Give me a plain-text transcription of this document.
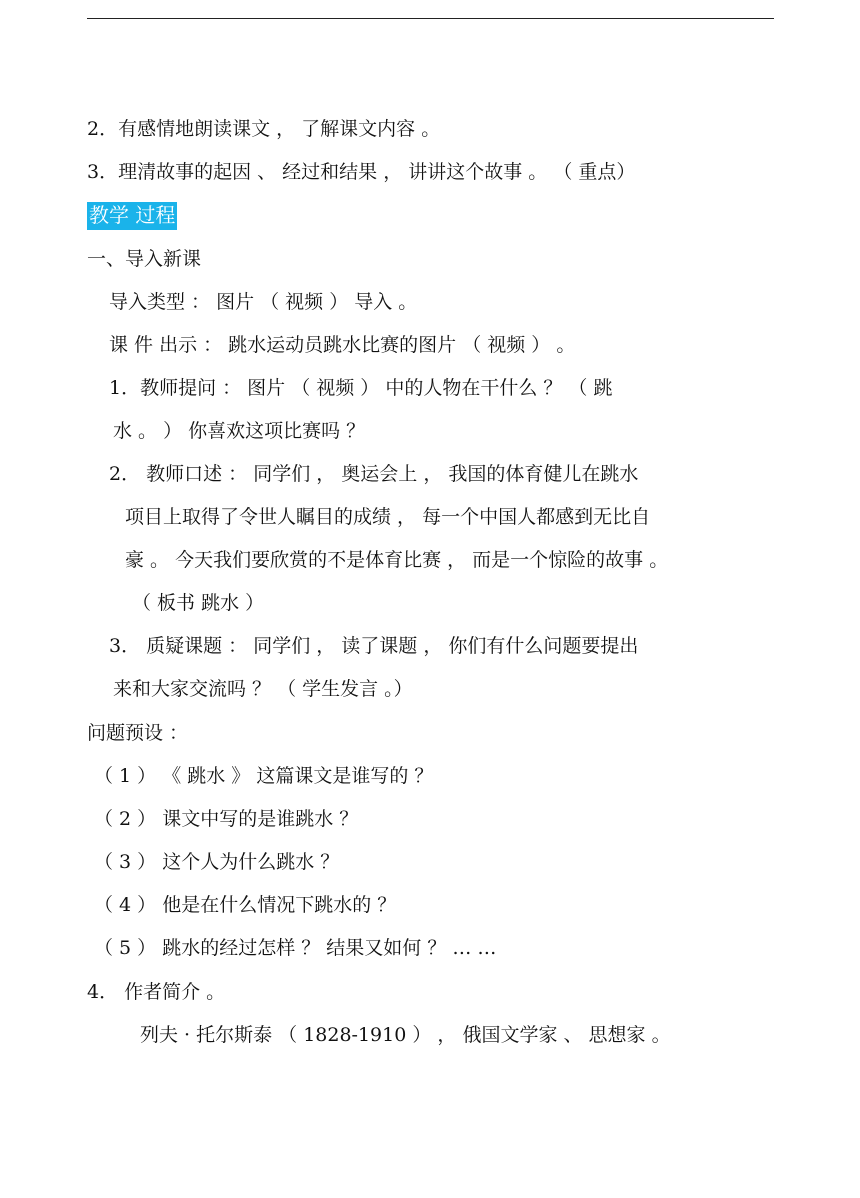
2．有感情地朗读课文 ， 了解课文内容 。
3．理清故事的起因 、 经过和结果 ， 讲讲这个故事 。 （ 重点）
教学 过程
一、导入新课
导入类型 ： 图片 （ 视频 ） 导入 。
课 件 出示 ： 跳水运动员跳水比赛的图片 （ 视频 ） 。
1．教师提问 ： 图片 （ 视频 ） 中的人物在干什么 ？ （ 跳
水 。 ） 你喜欢这项比赛吗 ？
2． 教师口述 ： 同学们 ， 奥运会上 ， 我国的体育健儿在跳水
项目上取得了令世人瞩目的成绩 ， 每一个中国人都感到无比自
豪 。 今天我们要欣赏的不是体育比赛 ， 而是一个惊险的故事 。
（ 板书 跳水 ）
3． 质疑课题 ： 同学们 ， 读了课题 ， 你们有什么问题要提出
来和大家交流吗 ？ （ 学生发言 。）
问题预设 ：
（ 1 ） 《 跳水 》 这篇课文是谁写的 ？
（ 2 ） 课文中写的是谁跳水 ？
（ 3 ） 这个人为什么跳水 ？
（ 4 ） 他是在什么情况下跳水的 ？
（ 5 ） 跳水的经过怎样 ？ 结果又如何 ？ … …
4． 作者简介 。
列夫 · 托尔斯泰 （ 1828-1910 ） ， 俄国文学家 、 思想家 。
